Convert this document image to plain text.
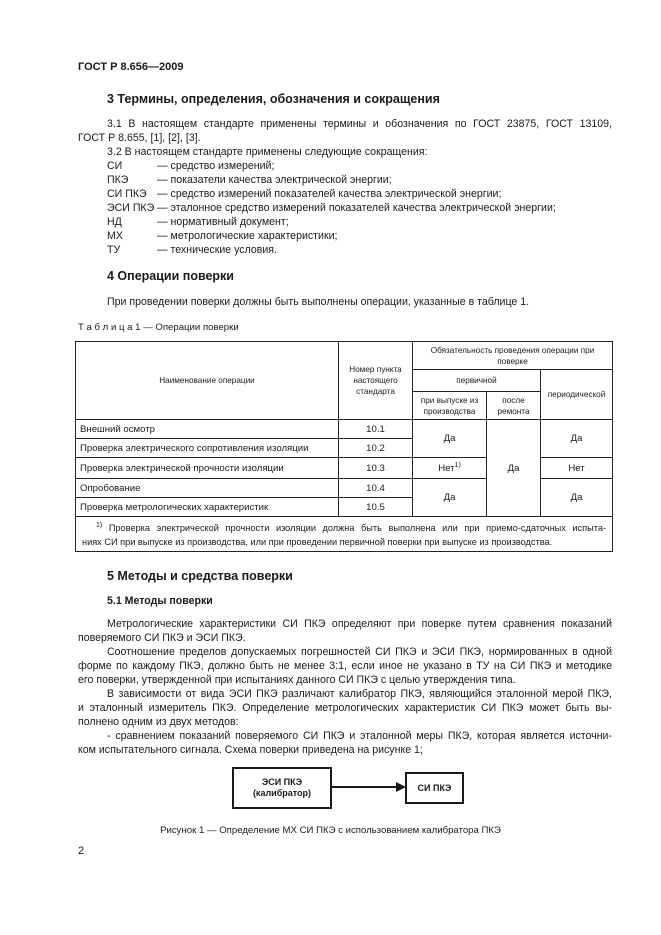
ГОСТ Р 8.656—2009
3 Термины, определения, обозначения и сокращения
3.1 В настоящем стандарте применены термины и обозначения по ГОСТ 23875, ГОСТ 13109,
ГОСТ Р 8.655, [1], [2], [3].
3.2 В настоящем стандарте применены следующие сокращения:
СИ	— средство измерений;
ПКЭ	— показатели качества электрической энергии;
СИ ПКЭ — средство измерений показателей качества электрической энергии;
ЭСИ ПКЭ — эталонное средство измерений показателей качества электрической энергии;
НД	— нормативный документ;
МХ	— метрологические характеристики;
ТУ	— технические условия.
4 Операции поверки
При проведении поверки должны быть выполнены операции, указанные в таблице 1.
Т а б л и ц а 1 — Операции поверки
Наименование операции	Номер пункта настоящего стандарта	Обязательность проведения операции при поверке		
		первичной		периодической
		при выпуске из производства	после ремонта	
Внешний осмотр	10.1	Да	Да	Да
Проверка электрического сопротивления изоляции	10.2			
Проверка электрической прочности изоляции	10.3	Нет$^{1)}$		Нет
Опробование	10.4	Да		Да
Проверка метрологических характеристик	10.5			

$^{1)}$ Проверка электрической прочности изоляции должна быть выполнена или при приемо-сдаточных испыта-
ниях СИ при выпуске из производства, или при проведении первичной поверки при выпуске из производства.				
5 Методы и средства поверки
5.1 Методы поверки
Метрологические характеристики СИ ПКЭ определяют при поверке путем сравнения показаний
поверяемого СИ ПКЭ и ЭСИ ПКЭ.
Соотношение пределов допускаемых погрешностей СИ ПКЭ и ЭСИ ПКЭ, нормированных в одной
форме по каждому ПКЭ, должно быть не менее 3:1, если иное не указано в ТУ на СИ ПКЭ и методике
его поверки, утвержденной при испытаниях данного СИ ПКЭ с целью утверждения типа.
В зависимости от вида ЭСИ ПКЭ различают калибратор ПКЭ, являющийся эталонной мерой ПКЭ,
и эталонный измеритель ПКЭ. Определение метрологических характеристик СИ ПКЭ может быть вы-
полнено одним из двух методов:
- сравнением показаний поверяемого СИ ПКЭ и эталонной меры ПКЭ, которая является источни-
ком испытательного сигнала. Схема поверки приведена на рисунке 1;
ЭСИ ПКЭ
(калибратор)
СИ ПКЭ
Рисунок 1 — Определение МХ СИ ПКЭ с использованием калибратора ПКЭ
2
